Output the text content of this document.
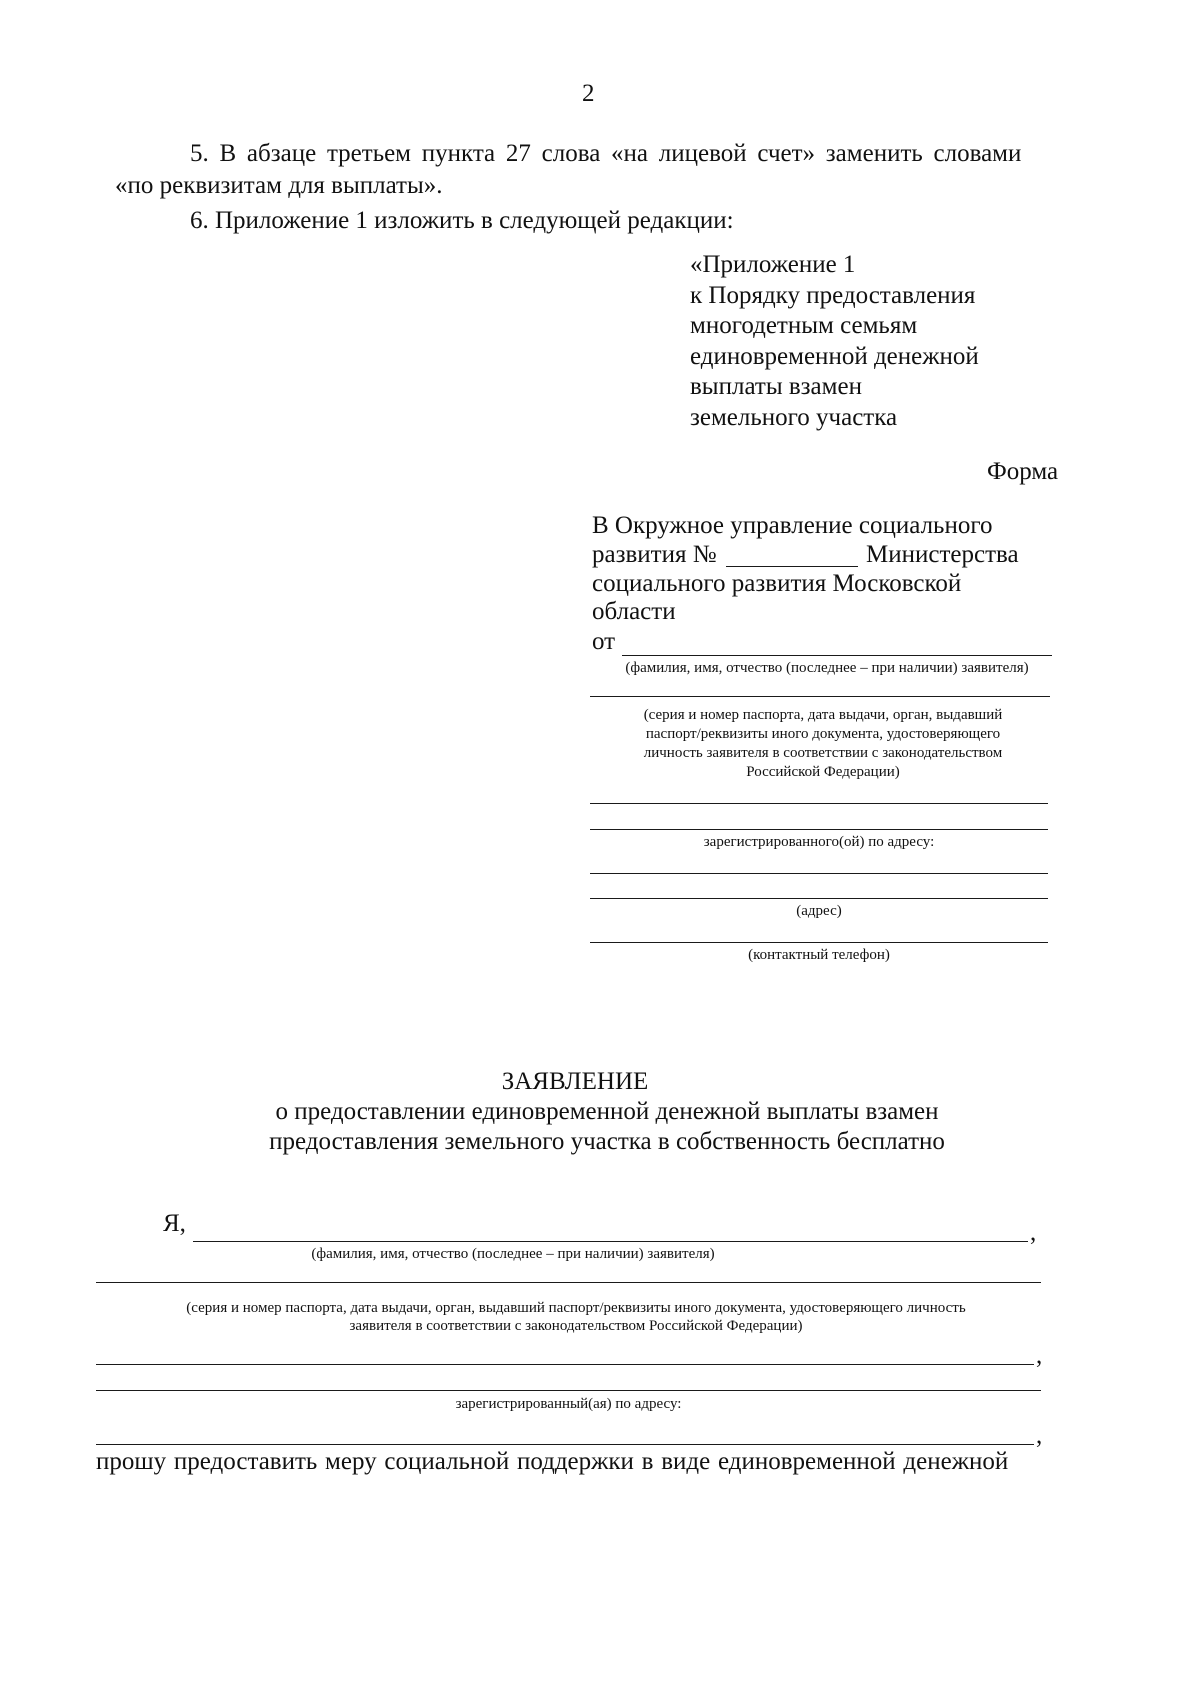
2
5. В абзаце третьем пункта 27 слова «на лицевой счет» заменить словами
«по реквизитам для выплаты».
6. Приложение 1 изложить в следующей редакции:
«Приложение 1
к Порядку предоставления
многодетным семьям
единовременной денежной
выплаты взамен
земельного участка
Форма
В Окружное управление социального
развития №	Министерства
социального развития Московской
области
от
(фамилия, имя, отчество (последнее – при наличии) заявителя)
(серия и номер паспорта, дата выдачи, орган, выдавший
паспорт/реквизиты иного документа, удостоверяющего
личность заявителя в соответствии с законодательством
Российской Федерации)
зарегистрированного(ой) по адресу:
(адрес)
(контактный телефон)
ЗАЯВЛЕНИЕ
о предоставлении единовременной денежной выплаты взамен
предоставления земельного участка в собственность бесплатно
Я,	,
(фамилия, имя, отчество (последнее – при наличии) заявителя)
(серия и номер паспорта, дата выдачи, орган, выдавший паспорт/реквизиты иного документа, удостоверяющего личность
заявителя в соответствии с законодательством Российской Федерации)
,
зарегистрированный(ая) по адресу:
,
прошу предоставить меру социальной поддержки в виде единовременной денежной
